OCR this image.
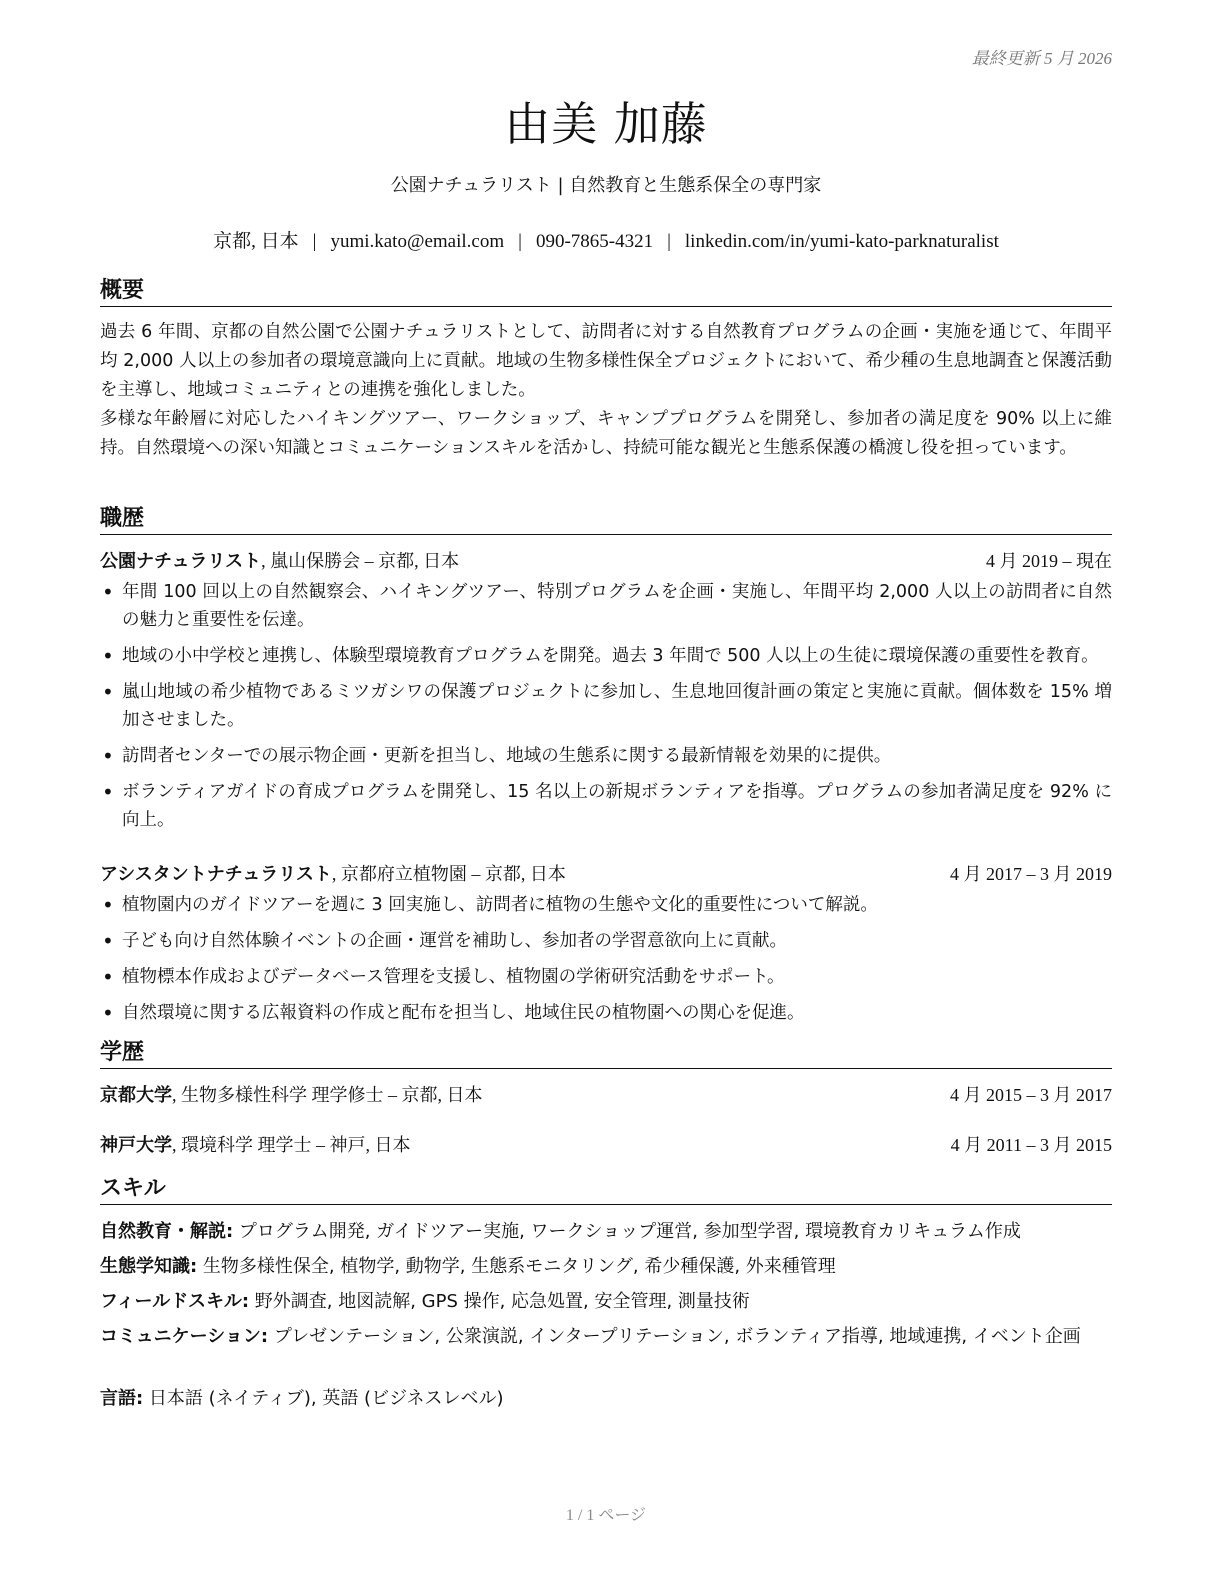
最終更新 5 月 2026
由美 加藤
公園ナチュラリスト | 自然教育と生態系保全の専門家
京都, 日本 | yumi.kato@email.com | 090-7865-4321 | linkedin.com/in/yumi-kato-parknaturalist
概要
過去 6 年間、京都の自然公園で公園ナチュラリストとして、訪問者に対する自然教育プログラムの企画・実施を通じて、年間平均 2,000 人以上の参加者の環境意識向上に貢献。地域の生物多様性保全プロジェクトにおいて、希少種の生息地調査と保護活動を主導し、地域コミュニティとの連携を強化しました。
多様な年齢層に対応したハイキングツアー、ワークショップ、キャンププログラムを開発し、参加者の満足度を 90% 以上に維持。自然環境への深い知識とコミュニケーションスキルを活かし、持続可能な観光と生態系保護の橋渡し役を担っています。
職歴
公園ナチュラリスト, 嵐山保勝会 – 京都, 日本	4 月 2019 – 現在
• 年間 100 回以上の自然観察会、ハイキングツアー、特別プログラムを企画・実施し、年間平均 2,000 人以上の訪問者に自然の魅力と重要性を伝達。
• 地域の小中学校と連携し、体験型環境教育プログラムを開発。過去 3 年間で 500 人以上の生徒に環境保護の重要性を教育。
• 嵐山地域の希少植物であるミツガシワの保護プロジェクトに参加し、生息地回復計画の策定と実施に貢献。個体数を 15% 増加させました。
• 訪問者センターでの展示物企画・更新を担当し、地域の生態系に関する最新情報を効果的に提供。
• ボランティアガイドの育成プログラムを開発し、15 名以上の新規ボランティアを指導。プログラムの参加者満足度を 92% に向上。
アシスタントナチュラリスト, 京都府立植物園 – 京都, 日本	4 月 2017 – 3 月 2019
• 植物園内のガイドツアーを週に 3 回実施し、訪問者に植物の生態や文化的重要性について解説。
• 子ども向け自然体験イベントの企画・運営を補助し、参加者の学習意欲向上に貢献。
• 植物標本作成およびデータベース管理を支援し、植物園の学術研究活動をサポート。
• 自然環境に関する広報資料の作成と配布を担当し、地域住民の植物園への関心を促進。
学歴
京都大学, 生物多様性科学 理学修士 – 京都, 日本	4 月 2015 – 3 月 2017
神戸大学, 環境科学 理学士 – 神戸, 日本	4 月 2011 – 3 月 2015
スキル
自然教育・解説: プログラム開発, ガイドツアー実施, ワークショップ運営, 参加型学習, 環境教育カリキュラム作成
生態学知識: 生物多様性保全, 植物学, 動物学, 生態系モニタリング, 希少種保護, 外来種管理
フィールドスキル: 野外調査, 地図読解, GPS 操作, 応急処置, 安全管理, 測量技術
コミュニケーション: プレゼンテーション, 公衆演説, インタープリテーション, ボランティア指導, 地域連携, イベント企画
言語: 日本語 (ネイティブ), 英語 (ビジネスレベル)
1 / 1 ページ
